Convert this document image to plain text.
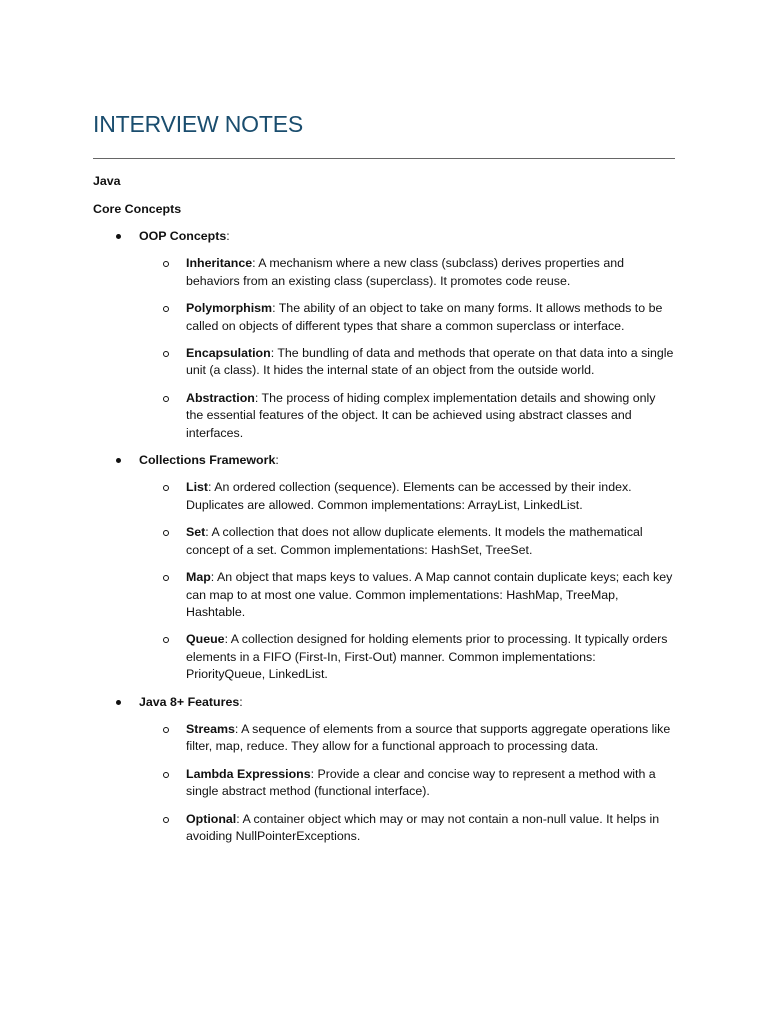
INTERVIEW NOTES

Java

Core Concepts

OOP Concepts:
Inheritance: A mechanism where a new class (subclass) derives properties and behaviors from an existing class (superclass). It promotes code reuse.
Polymorphism: The ability of an object to take on many forms. It allows methods to be called on objects of different types that share a common superclass or interface.
Encapsulation: The bundling of data and methods that operate on that data into a single unit (a class). It hides the internal state of an object from the outside world.
Abstraction: The process of hiding complex implementation details and showing only the essential features of the object. It can be achieved using abstract classes and interfaces.
Collections Framework:
List: An ordered collection (sequence). Elements can be accessed by their index. Duplicates are allowed. Common implementations: ArrayList, LinkedList.
Set: A collection that does not allow duplicate elements. It models the mathematical concept of a set. Common implementations: HashSet, TreeSet.
Map: An object that maps keys to values. A Map cannot contain duplicate keys; each key can map to at most one value. Common implementations: HashMap, TreeMap, Hashtable.
Queue: A collection designed for holding elements prior to processing. It typically orders elements in a FIFO (First-In, First-Out) manner. Common implementations: PriorityQueue, LinkedList.
Java 8+ Features:
Streams: A sequence of elements from a source that supports aggregate operations like filter, map, reduce. They allow for a functional approach to processing data.
Lambda Expressions: Provide a clear and concise way to represent a method with a single abstract method (functional interface).
Optional: A container object which may or may not contain a non-null value. It helps in avoiding NullPointerExceptions.
